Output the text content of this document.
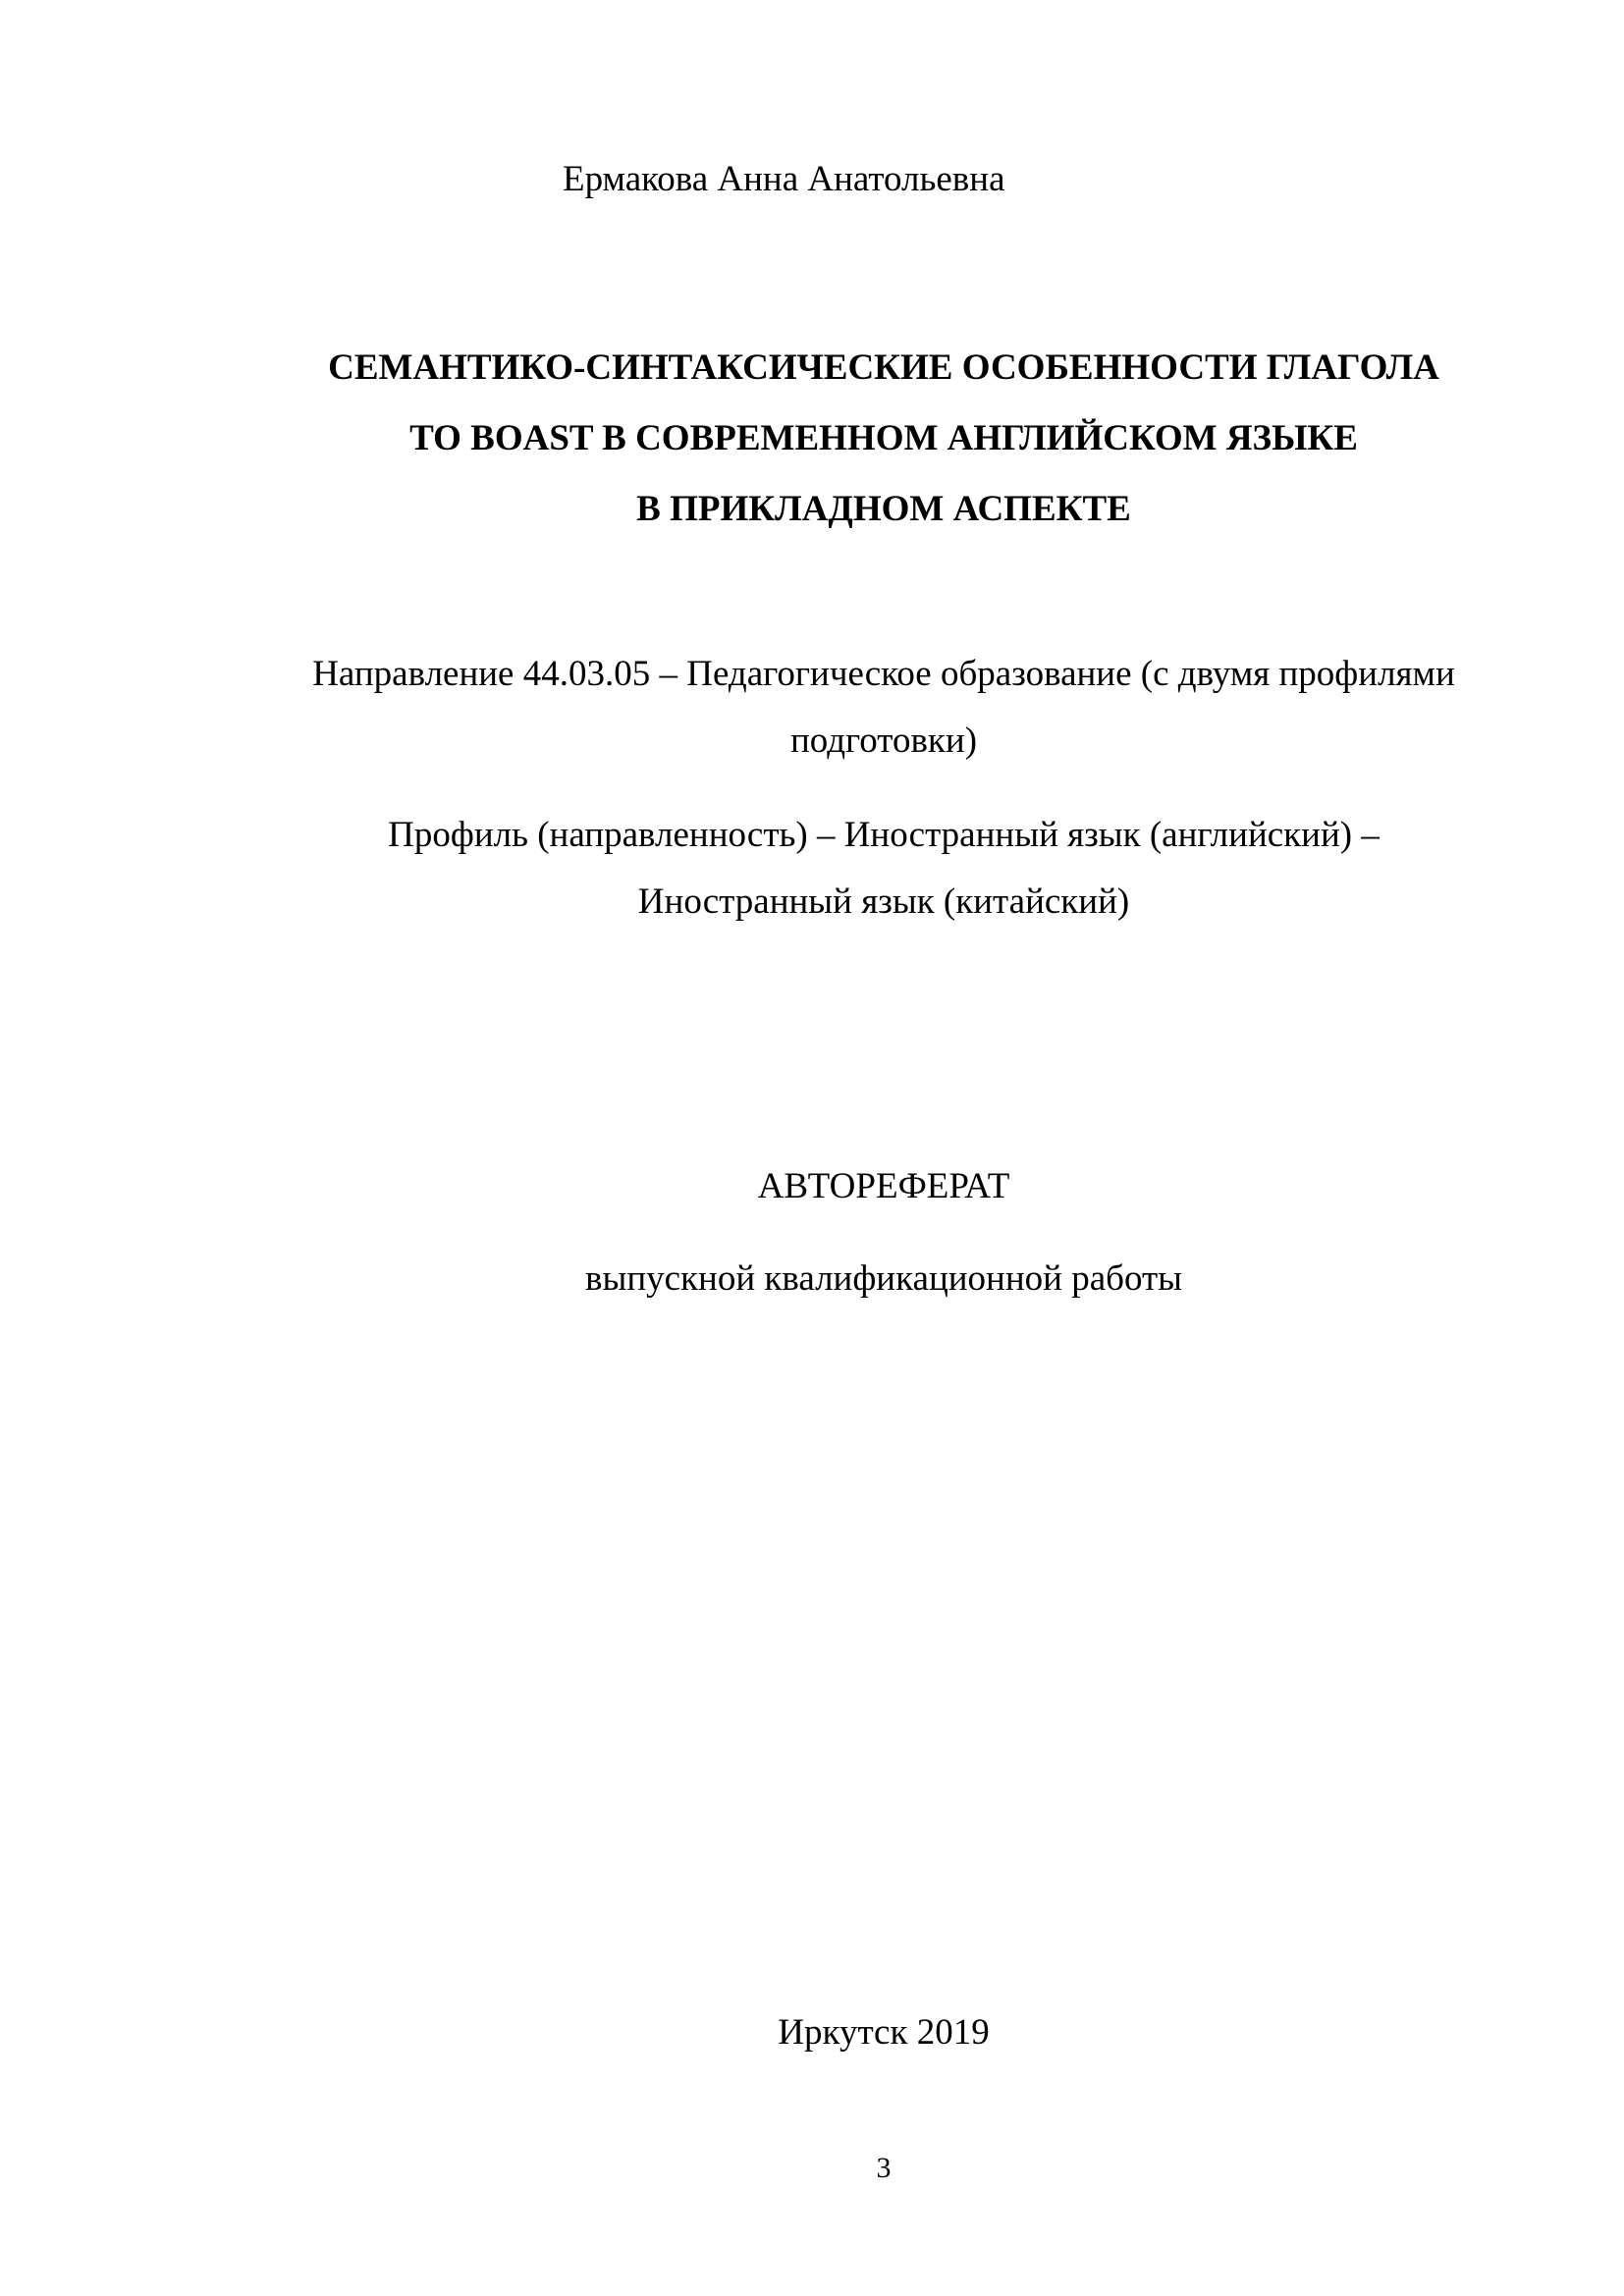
Ермакова Анна Анатольевна
СЕМАНТИКО-СИНТАКСИЧЕСКИЕ ОСОБЕННОСТИ ГЛАГОЛА
TO BOAST В СОВРЕМЕННОМ АНГЛИЙСКОМ ЯЗЫКЕ
В ПРИКЛАДНОМ АСПЕКТЕ
Направление 44.03.05 – Педагогическое образование (с двумя профилями
подготовки)
Профиль (направленность) – Иностранный язык (английский) –
Иностранный язык (китайский)
АВТОРЕФЕРАТ
выпускной квалификационной работы
Иркутск 2019
3
